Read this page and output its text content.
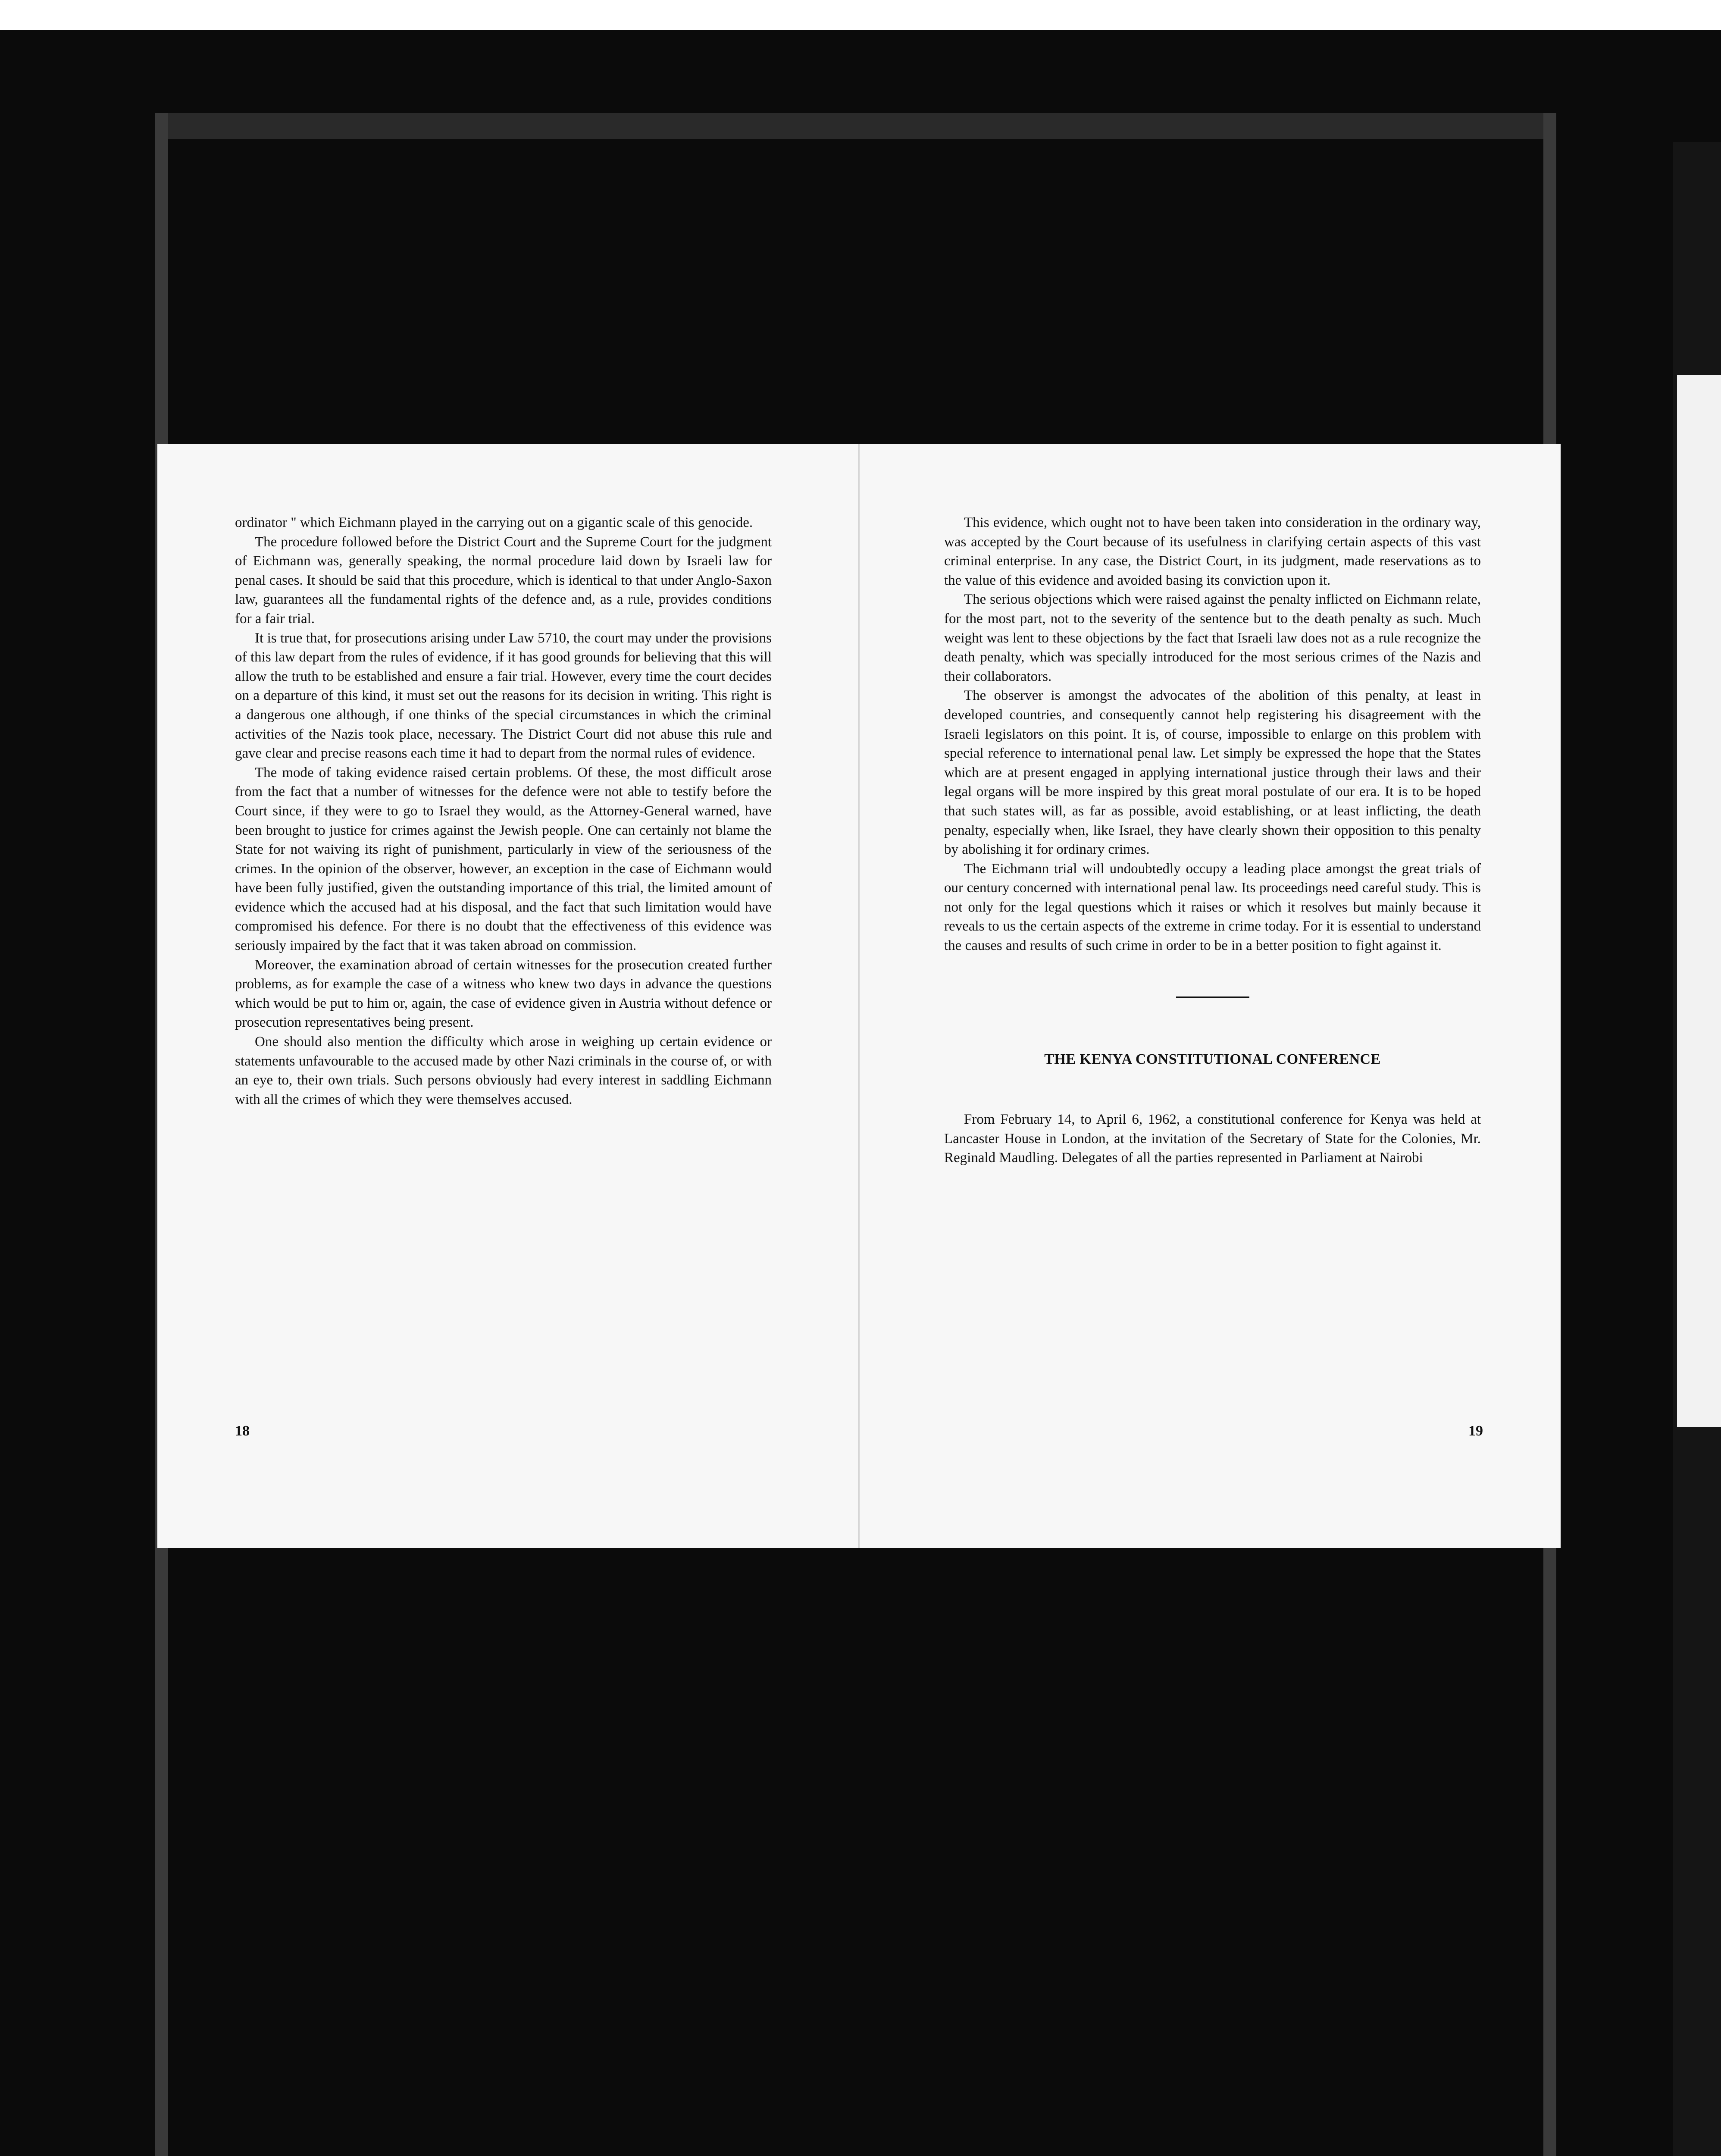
ordinator " which Eichmann played in the carrying out on a gigantic scale of this genocide.

The procedure followed before the District Court and the Supreme Court for the judgment of Eichmann was, generally speaking, the normal procedure laid down by Israeli law for penal cases. It should be said that this procedure, which is identical to that under Anglo-Saxon law, guarantees all the fundamental rights of the defence and, as a rule, provides conditions for a fair trial.

It is true that, for prosecutions arising under Law 5710, the court may under the provisions of this law depart from the rules of evidence, if it has good grounds for believing that this will allow the truth to be established and ensure a fair trial. However, every time the court decides on a departure of this kind, it must set out the reasons for its decision in writing. This right is a dangerous one although, if one thinks of the special circumstances in which the criminal activities of the Nazis took place, necessary. The District Court did not abuse this rule and gave clear and precise reasons each time it had to depart from the normal rules of evidence.

The mode of taking evidence raised certain problems. Of these, the most difficult arose from the fact that a number of witnesses for the defence were not able to testify before the Court since, if they were to go to Israel they would, as the Attorney-General warned, have been brought to justice for crimes against the Jewish people. One can certainly not blame the State for not waiving its right of punishment, particularly in view of the seriousness of the crimes. In the opinion of the observer, however, an exception in the case of Eichmann would have been fully justified, given the outstanding importance of this trial, the limited amount of evidence which the accused had at his disposal, and the fact that such limitation would have compromised his defence. For there is no doubt that the effectiveness of this evidence was seriously impaired by the fact that it was taken abroad on commission.

Moreover, the examination abroad of certain witnesses for the prosecution created further problems, as for example the case of a witness who knew two days in advance the questions which would be put to him or, again, the case of evidence given in Austria without defence or prosecution representatives being present.

One should also mention the difficulty which arose in weighing up certain evidence or statements unfavourable to the accused made by other Nazi criminals in the course of, or with an eye to, their own trials. Such persons obviously had every interest in saddling Eichmann with all the crimes of which they were themselves accused.

18

This evidence, which ought not to have been taken into consideration in the ordinary way, was accepted by the Court because of its usefulness in clarifying certain aspects of this vast criminal enterprise. In any case, the District Court, in its judgment, made reservations as to the value of this evidence and avoided basing its conviction upon it.

The serious objections which were raised against the penalty inflicted on Eichmann relate, for the most part, not to the severity of the sentence but to the death penalty as such. Much weight was lent to these objections by the fact that Israeli law does not as a rule recognize the death penalty, which was specially introduced for the most serious crimes of the Nazis and their collaborators.

The observer is amongst the advocates of the abolition of this penalty, at least in developed countries, and consequently cannot help registering his disagreement with the Israeli legislators on this point. It is, of course, impossible to enlarge on this problem with special reference to international penal law. Let simply be expressed the hope that the States which are at present engaged in applying international justice through their laws and their legal organs will be more inspired by this great moral postulate of our era. It is to be hoped that such states will, as far as possible, avoid establishing, or at least inflicting, the death penalty, especially when, like Israel, they have clearly shown their opposition to this penalty by abolishing it for ordinary crimes.

The Eichmann trial will undoubtedly occupy a leading place amongst the great trials of our century concerned with international penal law. Its proceedings need careful study. This is not only for the legal questions which it raises or which it resolves but mainly because it reveals to us the certain aspects of the extreme in crime today. For it is essential to understand the causes and results of such crime in order to be in a better position to fight against it.

THE KENYA CONSTITUTIONAL CONFERENCE

From February 14, to April 6, 1962, a constitutional conference for Kenya was held at Lancaster House in London, at the invitation of the Secretary of State for the Colonies, Mr. Reginald Maudling. Delegates of all the parties represented in Parliament at Nairobi

19
